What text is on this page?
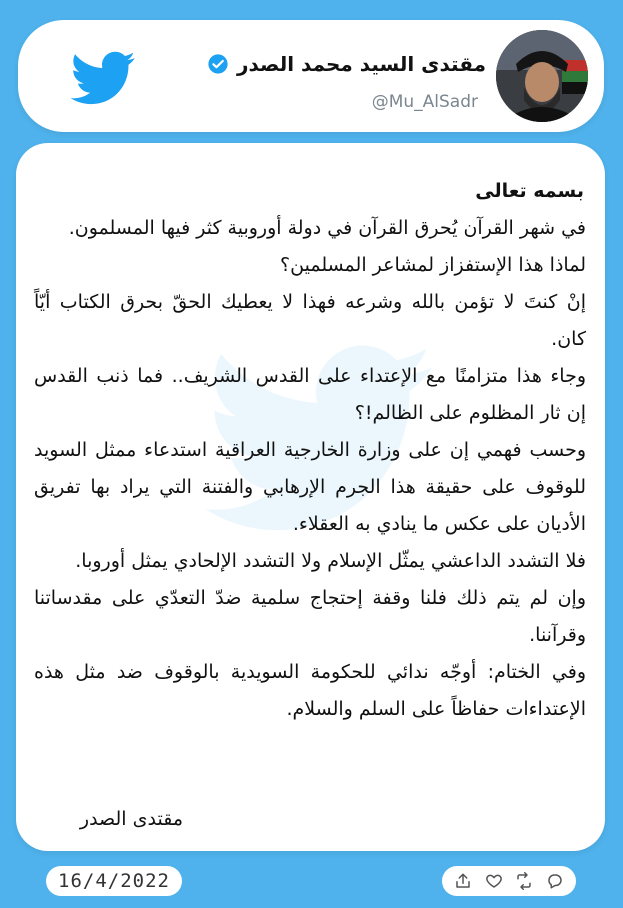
مقتدى السيد محمد الصدر
@Mu_AlSadr

بسمه تعالى

في شهر القرآن يُحرق القرآن في دولة أوروبية كثر فيها المسلمون.

لماذا هذا الإستفزاز لمشاعر المسلمين؟

إنْ كنتَ لا تؤمن بالله وشرعه فهذا لا يعطيك الحقّ بحرق الكتاب أيّاً كان.

وجاء هذا متزامنًا مع الإعتداء على القدس الشريف.. فما ذنب القدس إن ثار المظلوم على الظالم!؟

وحسب فهمي إن على وزارة الخارجية العراقية استدعاء ممثل السويد للوقوف على حقيقة هذا الجرم الإرهابي والفتنة التي يراد بها تفريق الأديان على عكس ما ينادي به العقلاء.

فلا التشدد الداعشي يمثّل الإسلام ولا التشدد الإلحادي يمثل أوروبا.

وإن لم يتم ذلك فلنا وقفة إحتجاج سلمية ضدّ التعدّي على مقدساتنا وقرآننا.

وفي الختام: أوجّه ندائي للحكومة السويدية بالوقوف ضد مثل هذه الإعتداءات حفاظاً على السلم والسلام.

مقتدى الصدر
16/4/2022
